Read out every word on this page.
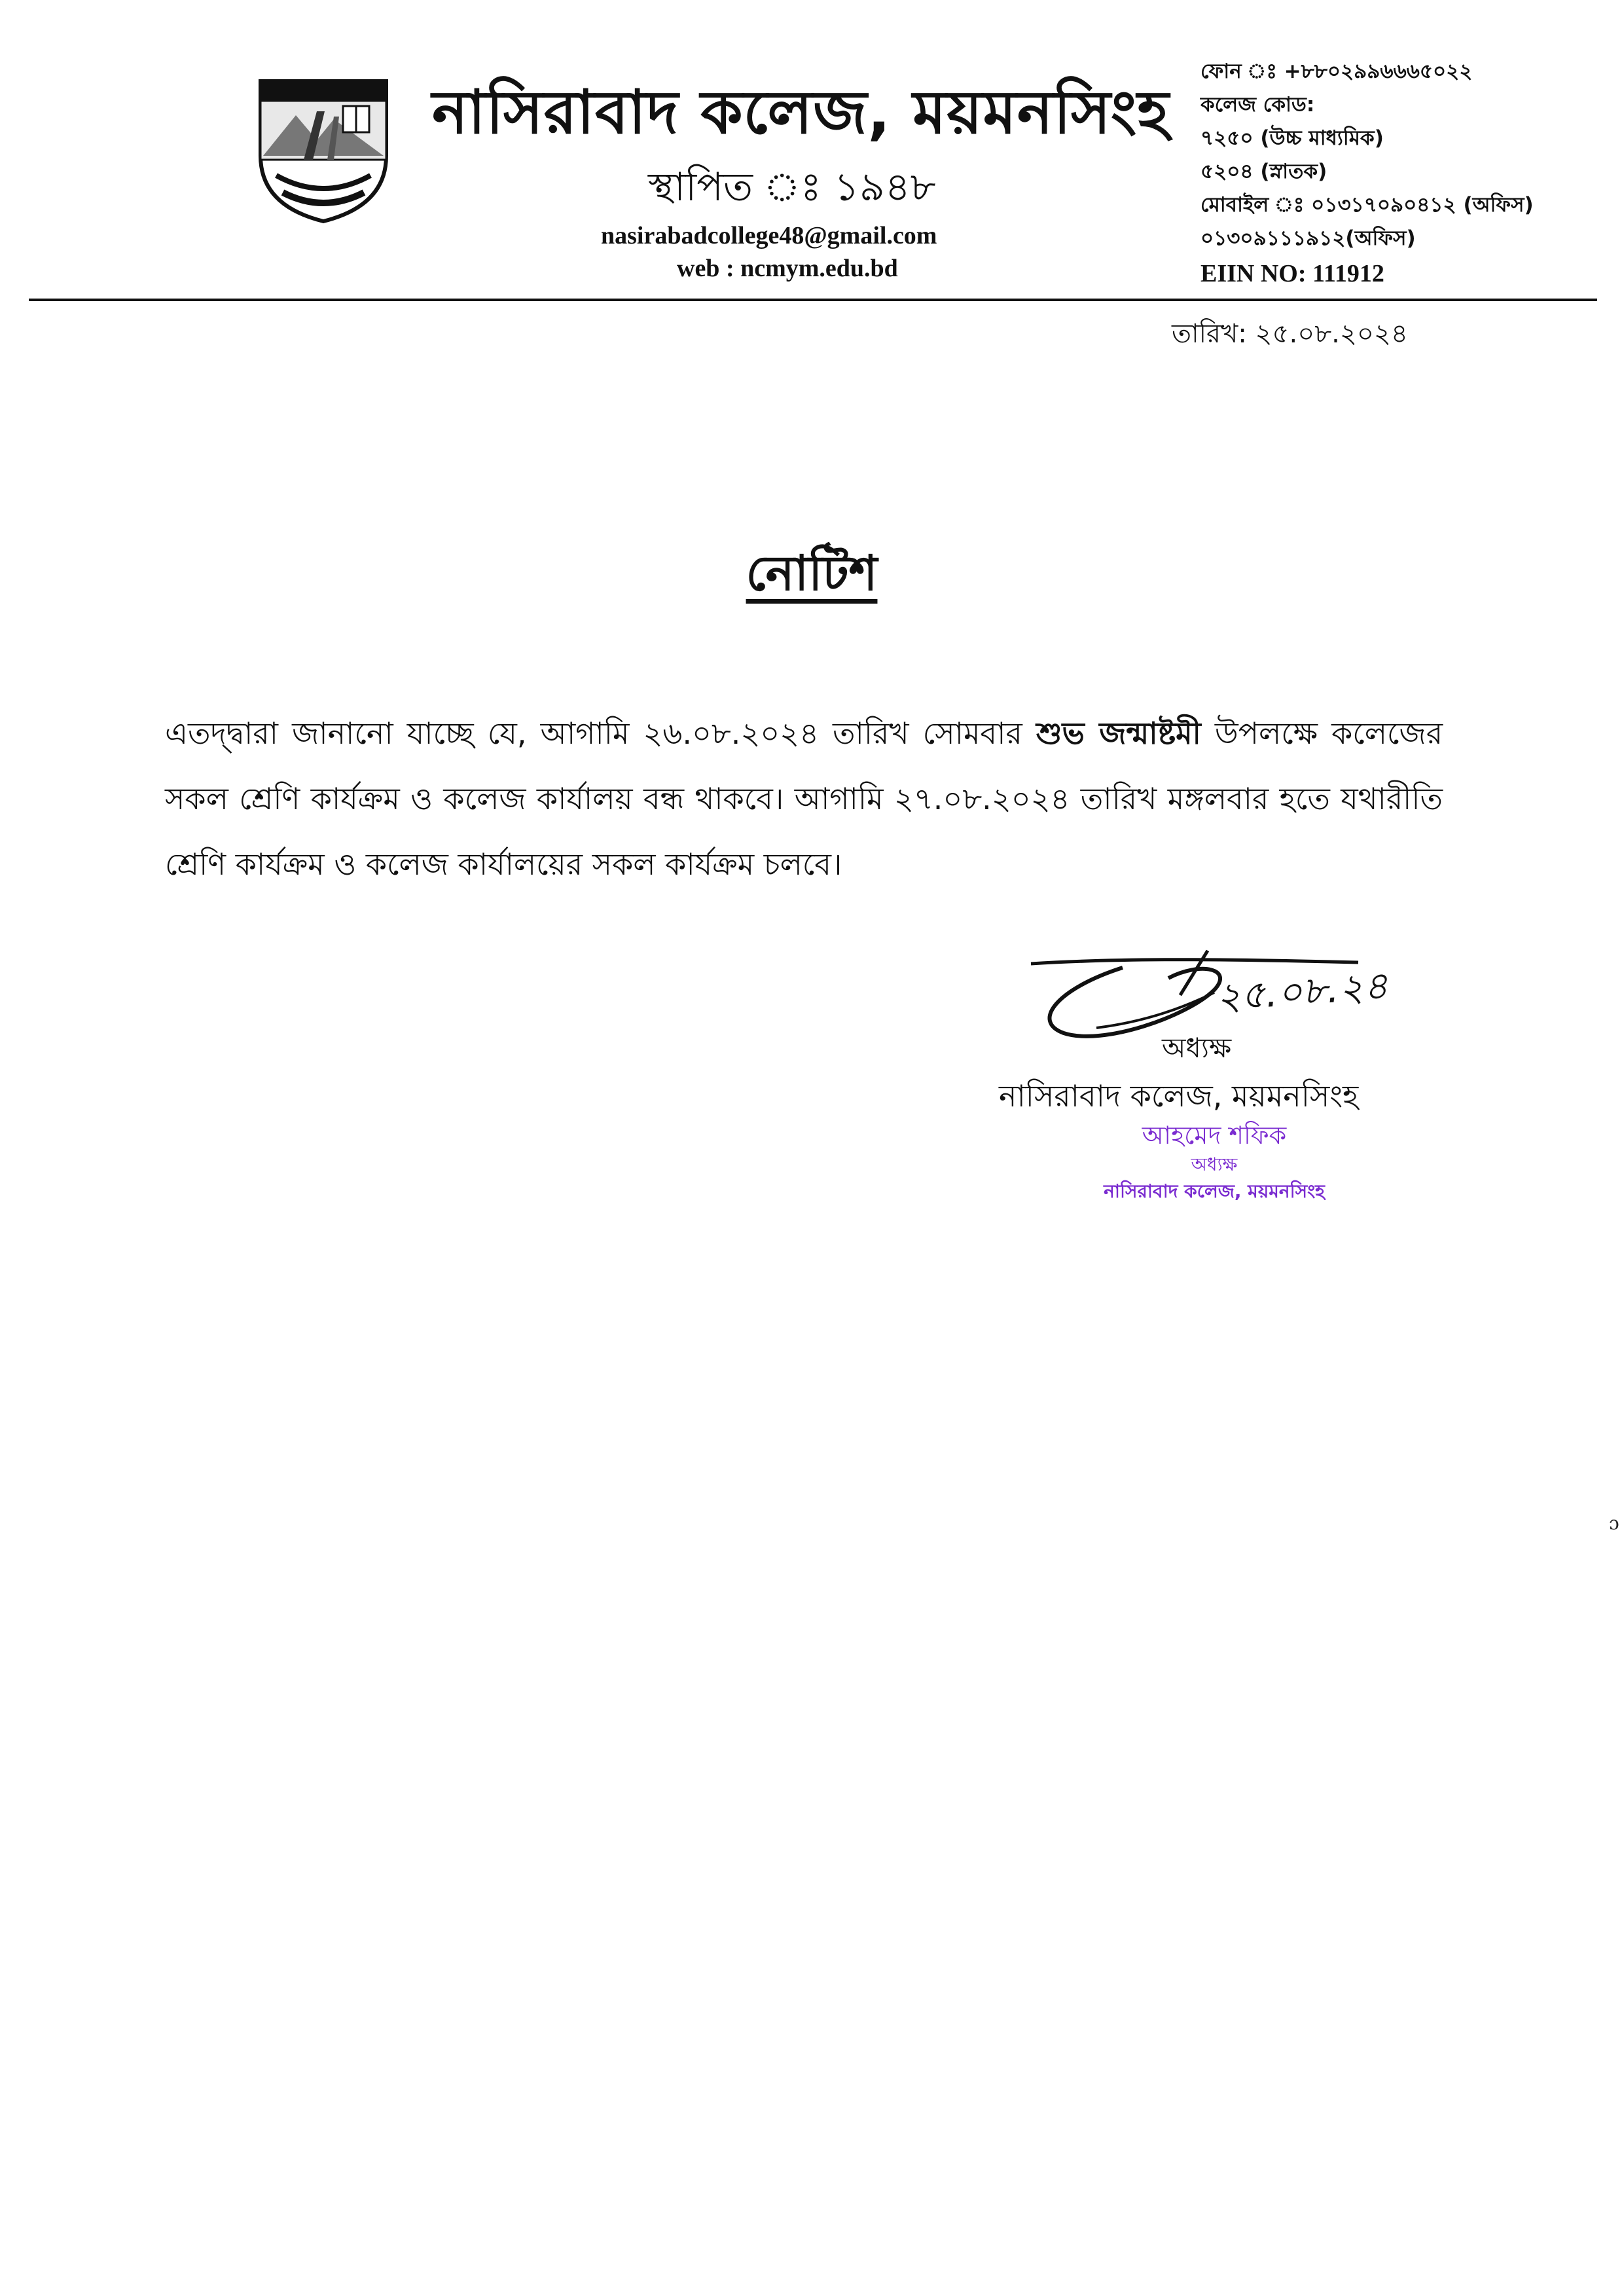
নাসিরাবাদ কলেজ, ময়মনসিংহ
স্থাপিত ঃ ১৯৪৮
nasirabadcollege48@gmail.com
web : ncmym.edu.bd
ফোন ঃ +৮৮০২৯৯৬৬৬৫০২২
কলেজ কোড:
৭২৫০ (উচ্চ মাধ্যমিক)
৫২০৪ (স্নাতক)
মোবাইল ঃ ০১৩১৭০৯০৪১২ (অফিস)
০১৩০৯১১১৯১২(অফিস)
EIIN NO: 111912
তারিখ: ২৫.০৮.২০২৪
নোটিশ
এতদ্দ্বারা জানানো যাচ্ছে যে, আগামি ২৬.০৮.২০২৪ তারিখ সোমবার শুভ জন্মাষ্টমী উপলক্ষে কলেজের সকল শ্রেণি কার্যক্রম ও কলেজ কার্যালয় বন্ধ থাকবে। আগামি ২৭.০৮.২০২৪ তারিখ মঙ্গলবার হতে যথারীতি শ্রেণি কার্যক্রম ও কলেজ কার্যালয়ের সকল কার্যক্রম চলবে।
২৫.০৮.২৪
অধ্যক্ষ
নাসিরাবাদ কলেজ, ময়মনসিংহ
আহমেদ শফিক
অধ্যক্ষ
নাসিরাবাদ কলেজ, ময়মনসিংহ
ɔ
